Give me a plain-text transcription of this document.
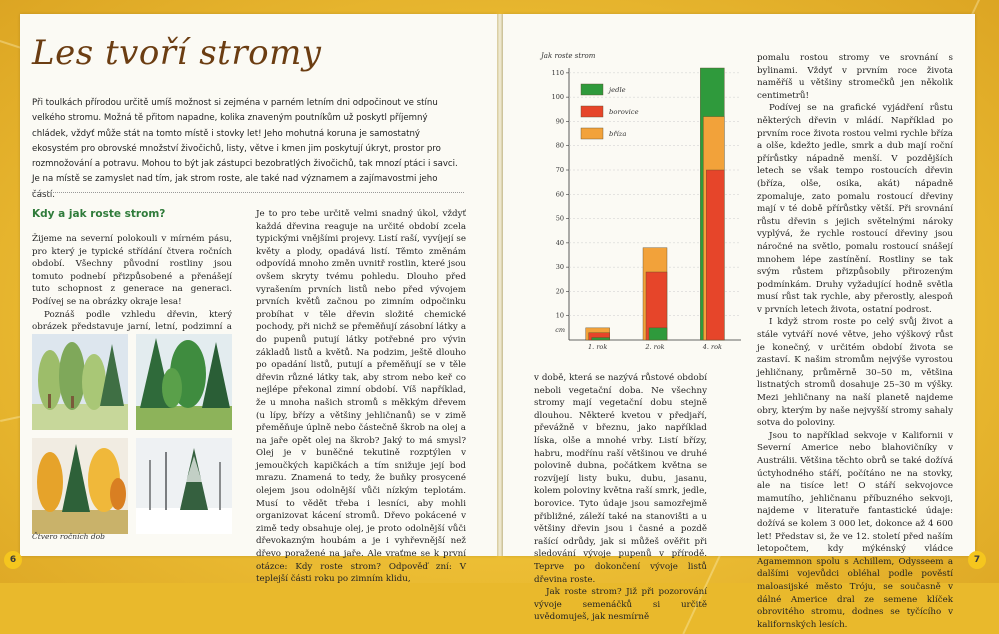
Les tvoří stromy

Při toulkách přírodou určitě umíš možnost si zejména v parném letním dni odpočinout ve stínu velkého stromu. Možná tě přitom napadne, kolika znaveným poutníkům už poskytl příjemný chládek, vždyť může stát na tomto místě i stovky let! Jeho mohutná koruna je samostatný ekosystém pro obrovské množství živočichů, listy, větve i kmen jim poskytují úkryt, prostor pro rozmnožování a potravu. Mohou to být jak zástupci bezobratlých živočichů, tak mnozí ptáci i savci. Je na místě se zamyslet nad tím, jak strom roste, ale také nad významem a zajímavostmi jeho částí.

Kdy a jak roste strom?

Žijeme na severní polokouli v mírném pásu, pro který je typické střídání čtvera ročních období. Všechny původní rostliny jsou tomuto podnebí přizpůsobené a přenášejí tuto schopnost z generace na generaci. Podívej se na obrázky okraje lesa!

Poznáš podle vzhledu dřevin, který obrázek představuje jarní, letní, podzimní a

Čtvero ročních dob

Je to pro tebe určitě velmi snadný úkol, vždyť každá dřevina reaguje na určité období zcela typickými vnějšími projevy. Listí raší, vyvíjejí se květy a plody, opadává listí. Těmto změnám odpovídá mnoho změn uvnitř rostlin, které jsou ovšem skryty tvému pohledu. Dlouho před vyrašením prvních listů nebo před vývojem prvních květů začnou po zimním odpočinku probíhat v těle dřevin složité chemické pochody, při nichž se přeměňují zásobní látky a do pupenů putují látky potřebné pro vývin základů listů a květů. Na podzim, ještě dlouho po opadání listů, putují a přeměňují se v těle dřevin různé látky tak, aby strom nebo keř co nejlépe překonal zimní období. Víš například, že u mnoha našich stromů s měkkým dřevem (u lípy, břízy a většiny jehličnanů) se v zimě přeměňuje úplně nebo částečně škrob na olej a na jaře opět olej na škrob? Jaký to má smysl? Olej je v buněčné tekutině rozptýlen v jemoučkých kapičkách a tím snižuje její bod mrazu. Znamená to tedy, že buňky prosycené olejem jsou odolnější vůči nízkým teplotám. Musí to vědět třeba i lesníci, aby mohli organizovat kácení stromů. Dřevo pokácené v zimě tedy obsahuje olej, je proto odolnější vůči dřevokazným houbám a je i vyhřevnější než dřevo poražené na jaře. Ale vraťme se k první otázce: Kdy roste strom? Odpověď zní: V teplejší části roku po zimním klidu,

Jak roste strom
cm
10
20
30
40
50
60
70
80
90
100
110
1. rok	2. rok	4. rok
jedle
borovice
bříza

v době, která se nazývá růstové období neboli vegetační doba. Ne všechny stromy mají vegetační dobu stejně dlouhou. Některé kvetou v předjaří, převážně v březnu, jako například líska, olše a mnohé vrby. Listí břízy, habru, modřínu raší většinou ve druhé polovině dubna, počátkem května se rozvíjejí listy buku, dubu, jasanu, kolem poloviny května raší smrk, jedle, borovice. Tyto údaje jsou samozřejmě přibližné, záleží také na stanovišti a u většiny dřevin jsou i časné a pozdě rašící odrůdy, jak si můžeš ověřit při sledování vývoje pupenů v přírodě. Teprve po dokončení vývoje listů dřevina roste.

Jak roste strom? Již při pozorování vývoje semenáčků si určitě uvědomuješ, jak nesmírně

pomalu rostou stromy ve srovnání s bylinami. Vždyť v prvním roce života naměříš u většiny stromečků jen několik centimetrů!

Podívej se na grafické vyjádření růstu některých dřevin v mládí. Například po prvním roce života rostou velmi rychle bříza a olše, kdežto jedle, smrk a dub mají roční přírůstky nápadně menší. V pozdějších letech se však tempo rostoucích dřevin (bříza, olše, osika, akát) nápadně zpomaluje, zato pomalu rostoucí dřeviny mají v té době přírůstky větší. Při srovnání růstu dřevin s jejich světelnými nároky vyplývá, že rychle rostoucí dřeviny jsou náročné na světlo, pomalu rostoucí snášejí mnohem lépe zastínění. Rostliny se tak svým růstem přizpůsobily přirozeným podmínkám. Druhy vyžadující hodně světla musí růst tak rychle, aby přerostly, alespoň v prvních letech života, ostatní podrost.

I když strom roste po celý svůj život a stále vytváří nové větve, jeho výškový růst je konečný, v určitém období života se zastaví. K našim stromům nejvýše vyrostou jehličnany, průměrně 30–50 m, většina listnatých stromů dosahuje 25–30 m výšky. Mezi jehličnany na naší planetě najdeme obry, kterým by naše nejvyšší stromy sahaly sotva do poloviny.

Jsou to například sekvoje v Kalifornii v Severní Americe nebo blahovičníky v Austrálii. Většina těchto obrů se také dožívá úctyhodného stáří, počítáno ne na stovky, ale na tisíce let! O stáří sekvojovce mamutího, jehličnanu příbuzného sekvoji, najdeme v literatuře fantastické údaje: dožívá se kolem 3 000 let, dokonce až 4 600 let! Představ si, že ve 12. století před naším letopočtem, kdy mýkénský vládce Agamemnon spolu s Achillem, Odysseem a dalšími vojevůdci obléhal podle pověstí maloasijské město Tróju, se současně v dálné Americe dral ze semene klíček obrovitého stromu, dodnes se tyčícího v kalifornských lesích.

6	7
